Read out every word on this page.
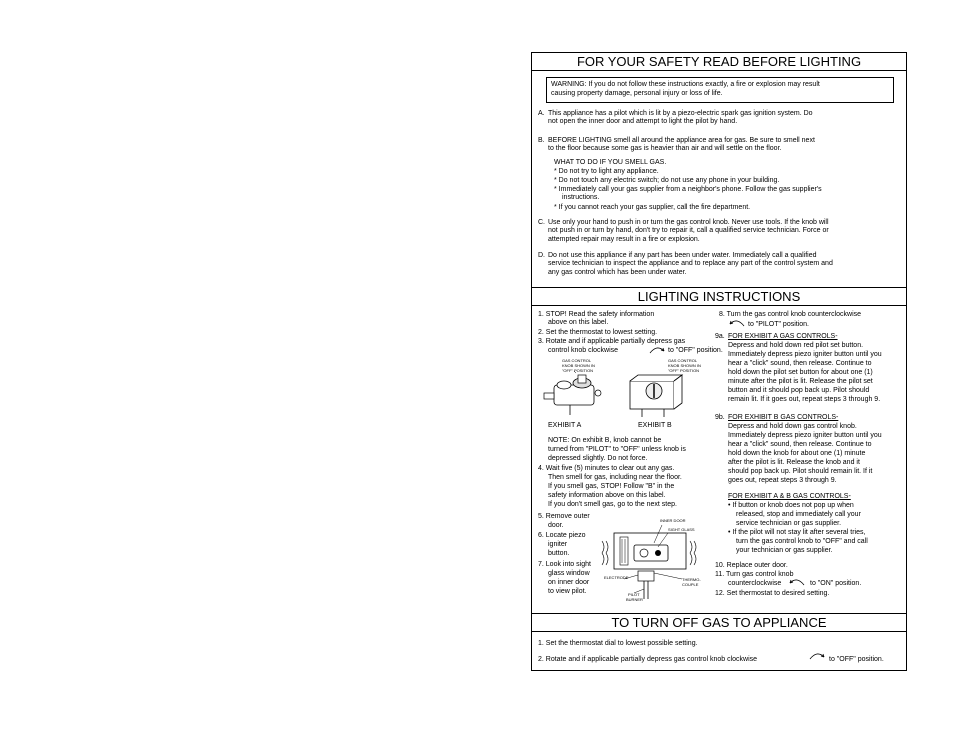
FOR YOUR SAFETY READ BEFORE LIGHTING
WARNING: If you do not follow these instructions exactly, a fire or explosion may result
causing property damage, personal injury or loss of life.
A. This appliance has a pilot which is lit by a piezo-electric spark gas ignition system. Do
not open the inner door and attempt to light the pilot by hand.
B. BEFORE LIGHTING smell all around the appliance area for gas. Be sure to smell next
to the floor because some gas is heavier than air and will settle on the floor.
WHAT TO DO IF YOU SMELL GAS.
* Do not try to light any appliance.
* Do not touch any electric switch; do not use any phone in your building.
* Immediately call your gas supplier from a neighbor's phone. Follow the gas supplier's
instructions.
* If you cannot reach your gas supplier, call the fire department.
C. Use only your hand to push in or turn the gas control knob. Never use tools. If the knob will
not push in or turn by hand, don't try to repair it, call a qualified service technician. Force or
attempted repair may result in a fire or explosion.
D. Do not use this appliance if any part has been under water. Immediately call a qualified
service technician to inspect the appliance and to replace any part of the control system and
any gas control which has been under water.
LIGHTING INSTRUCTIONS
1. STOP! Read the safety information
above on this label.
2. Set the thermostat to lowest setting.
3. Rotate and if applicable partially depress gas
control knob clockwise	to "OFF" position.
GAS CONTROL
KNOB SHOWN IN
"OFF" POSITION
GAS CONTROL
KNOB SHOWN IN
"OFF" POSITION
EXHIBIT A	EXHIBIT B
NOTE: On exhibit B, knob cannot be
turned from "PILOT" to "OFF" unless knob is
depressed slightly. Do not force.
4. Wait five (5) minutes to clear out any gas.
Then smell for gas, including near the floor.
If you smell gas, STOP! Follow "B" in the
safety information above on this label.
If you don't smell gas, go to the next step.
5. Remove outer
door.
6. Locate piezo
igniter
button.
7. Look into sight
glass window
on inner door
to view pilot.
INNER DOOR
SIGHT GLASS
ELECTRODE	THERMO-
COUPLE
PILOT
BURNER
8. Turn the gas control knob counterclockwise
to "PILOT" position.
9a. FOR EXHIBIT A GAS CONTROLS-
Depress and hold down red pilot set button.
Immediately depress piezo igniter button until you
hear a "click" sound, then release. Continue to
hold down the pilot set button for about one (1)
minute after the pilot is lit. Release the pilot set
button and it should pop back up. Pilot should
remain lit. If it goes out, repeat steps 3 through 9.
9b. FOR EXHIBIT B GAS CONTROLS-
Depress and hold down gas control knob.
Immediately depress piezo igniter button until you
hear a "click" sound, then release. Continue to
hold down the knob for about one (1) minute
after the pilot is lit. Release the knob and it
should pop back up. Pilot should remain lit. If it
goes out, repeat steps 3 through 9.
FOR EXHIBIT A & B GAS CONTROLS-
• If button or knob does not pop up when
released, stop and immediately call your
service technician or gas supplier.
• If the pilot will not stay lit after several tries,
turn the gas control knob to "OFF" and call
your technician or gas supplier.
10. Replace outer door.
11. Turn gas control knob
counterclockwise	to "ON" position.
12. Set thermostat to desired setting.
TO TURN OFF GAS TO APPLIANCE
1. Set the thermostat dial to lowest possible setting.
2. Rotate and if applicable partially depress gas control knob clockwise	to "OFF" position.
